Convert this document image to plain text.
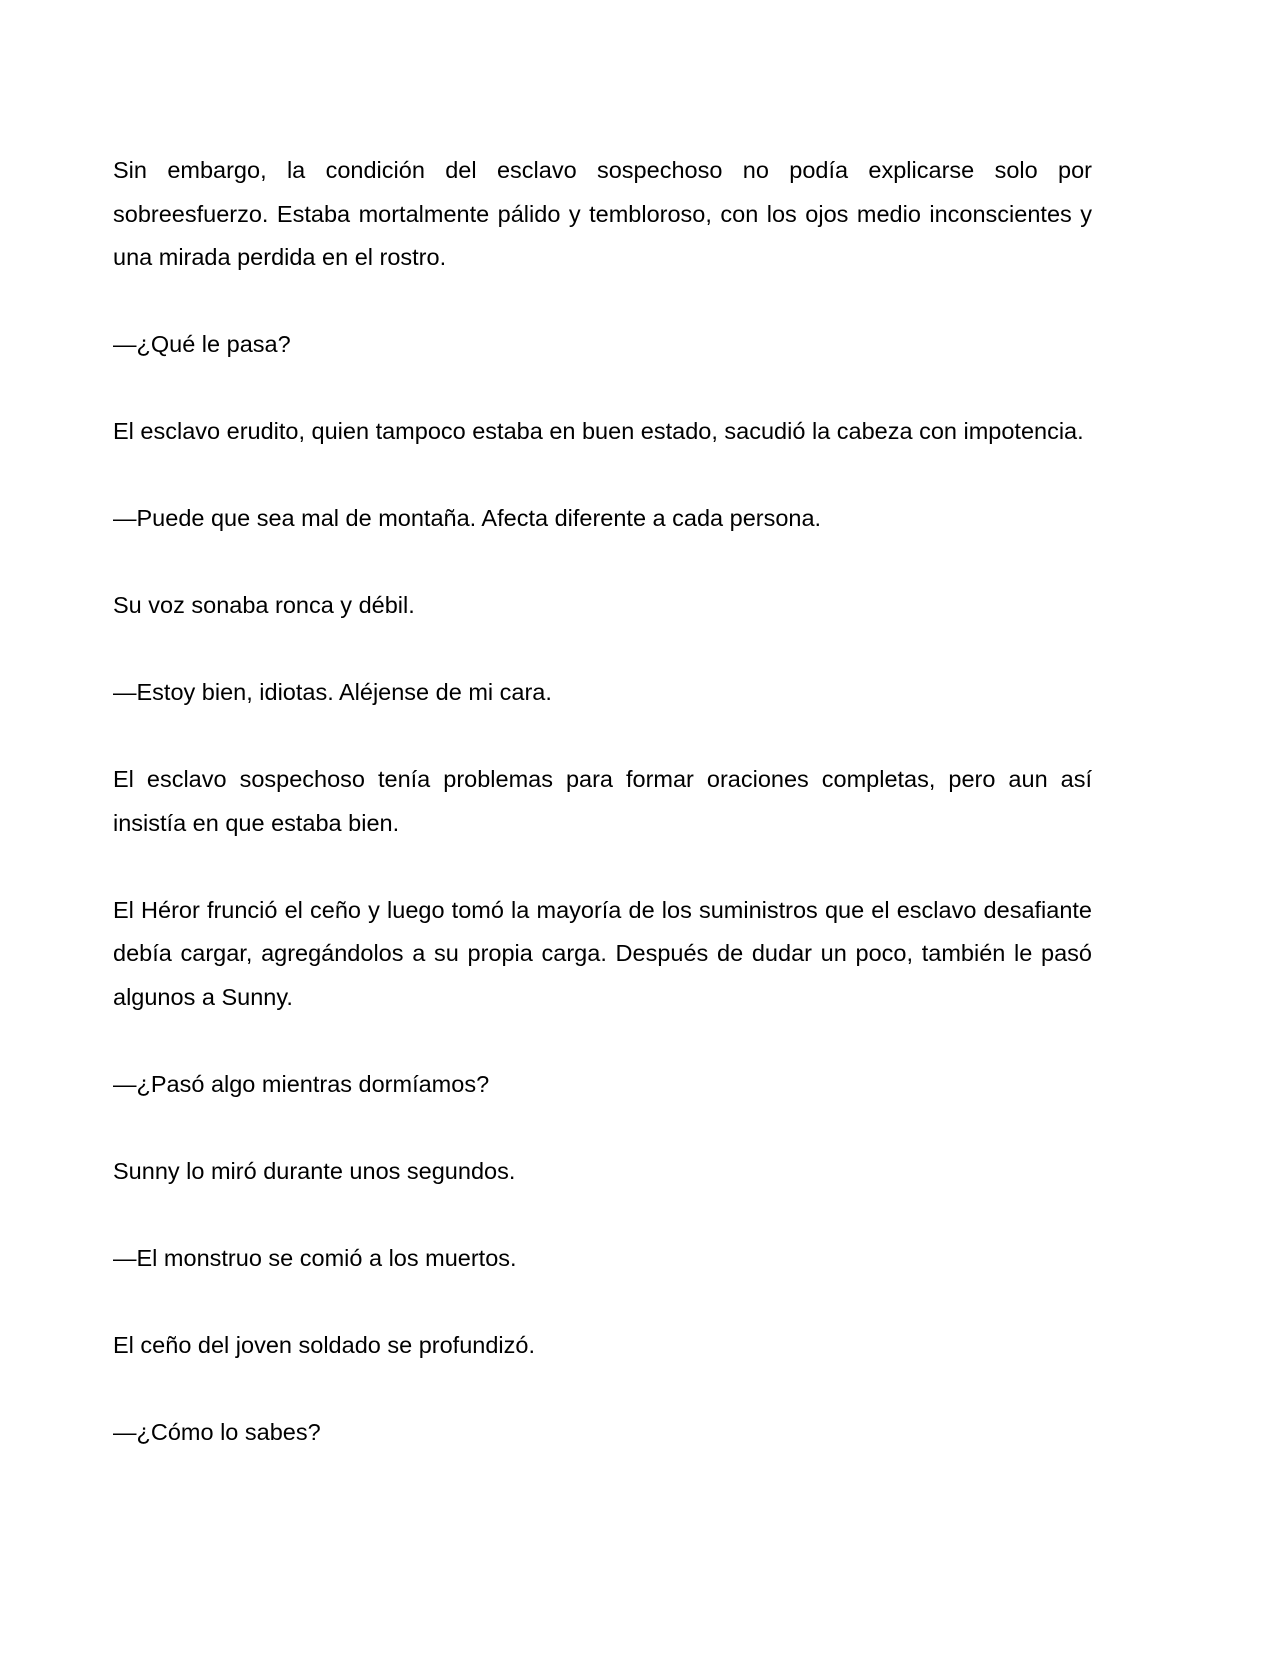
Sin embargo, la condición del esclavo sospechoso no podía explicarse solo por sobreesfuerzo. Estaba mortalmente pálido y tembloroso, con los ojos medio inconscientes y una mirada perdida en el rostro.

—¿Qué le pasa?

El esclavo erudito, quien tampoco estaba en buen estado, sacudió la cabeza con impotencia.

—Puede que sea mal de montaña. Afecta diferente a cada persona.

Su voz sonaba ronca y débil.

—Estoy bien, idiotas. Aléjense de mi cara.

El esclavo sospechoso tenía problemas para formar oraciones completas, pero aun así insistía en que estaba bien.

El Héror frunció el ceño y luego tomó la mayoría de los suministros que el esclavo desafiante debía cargar, agregándolos a su propia carga. Después de dudar un poco, también le pasó algunos a Sunny.

—¿Pasó algo mientras dormíamos?

Sunny lo miró durante unos segundos.

—El monstruo se comió a los muertos.

El ceño del joven soldado se profundizó.

—¿Cómo lo sabes?
